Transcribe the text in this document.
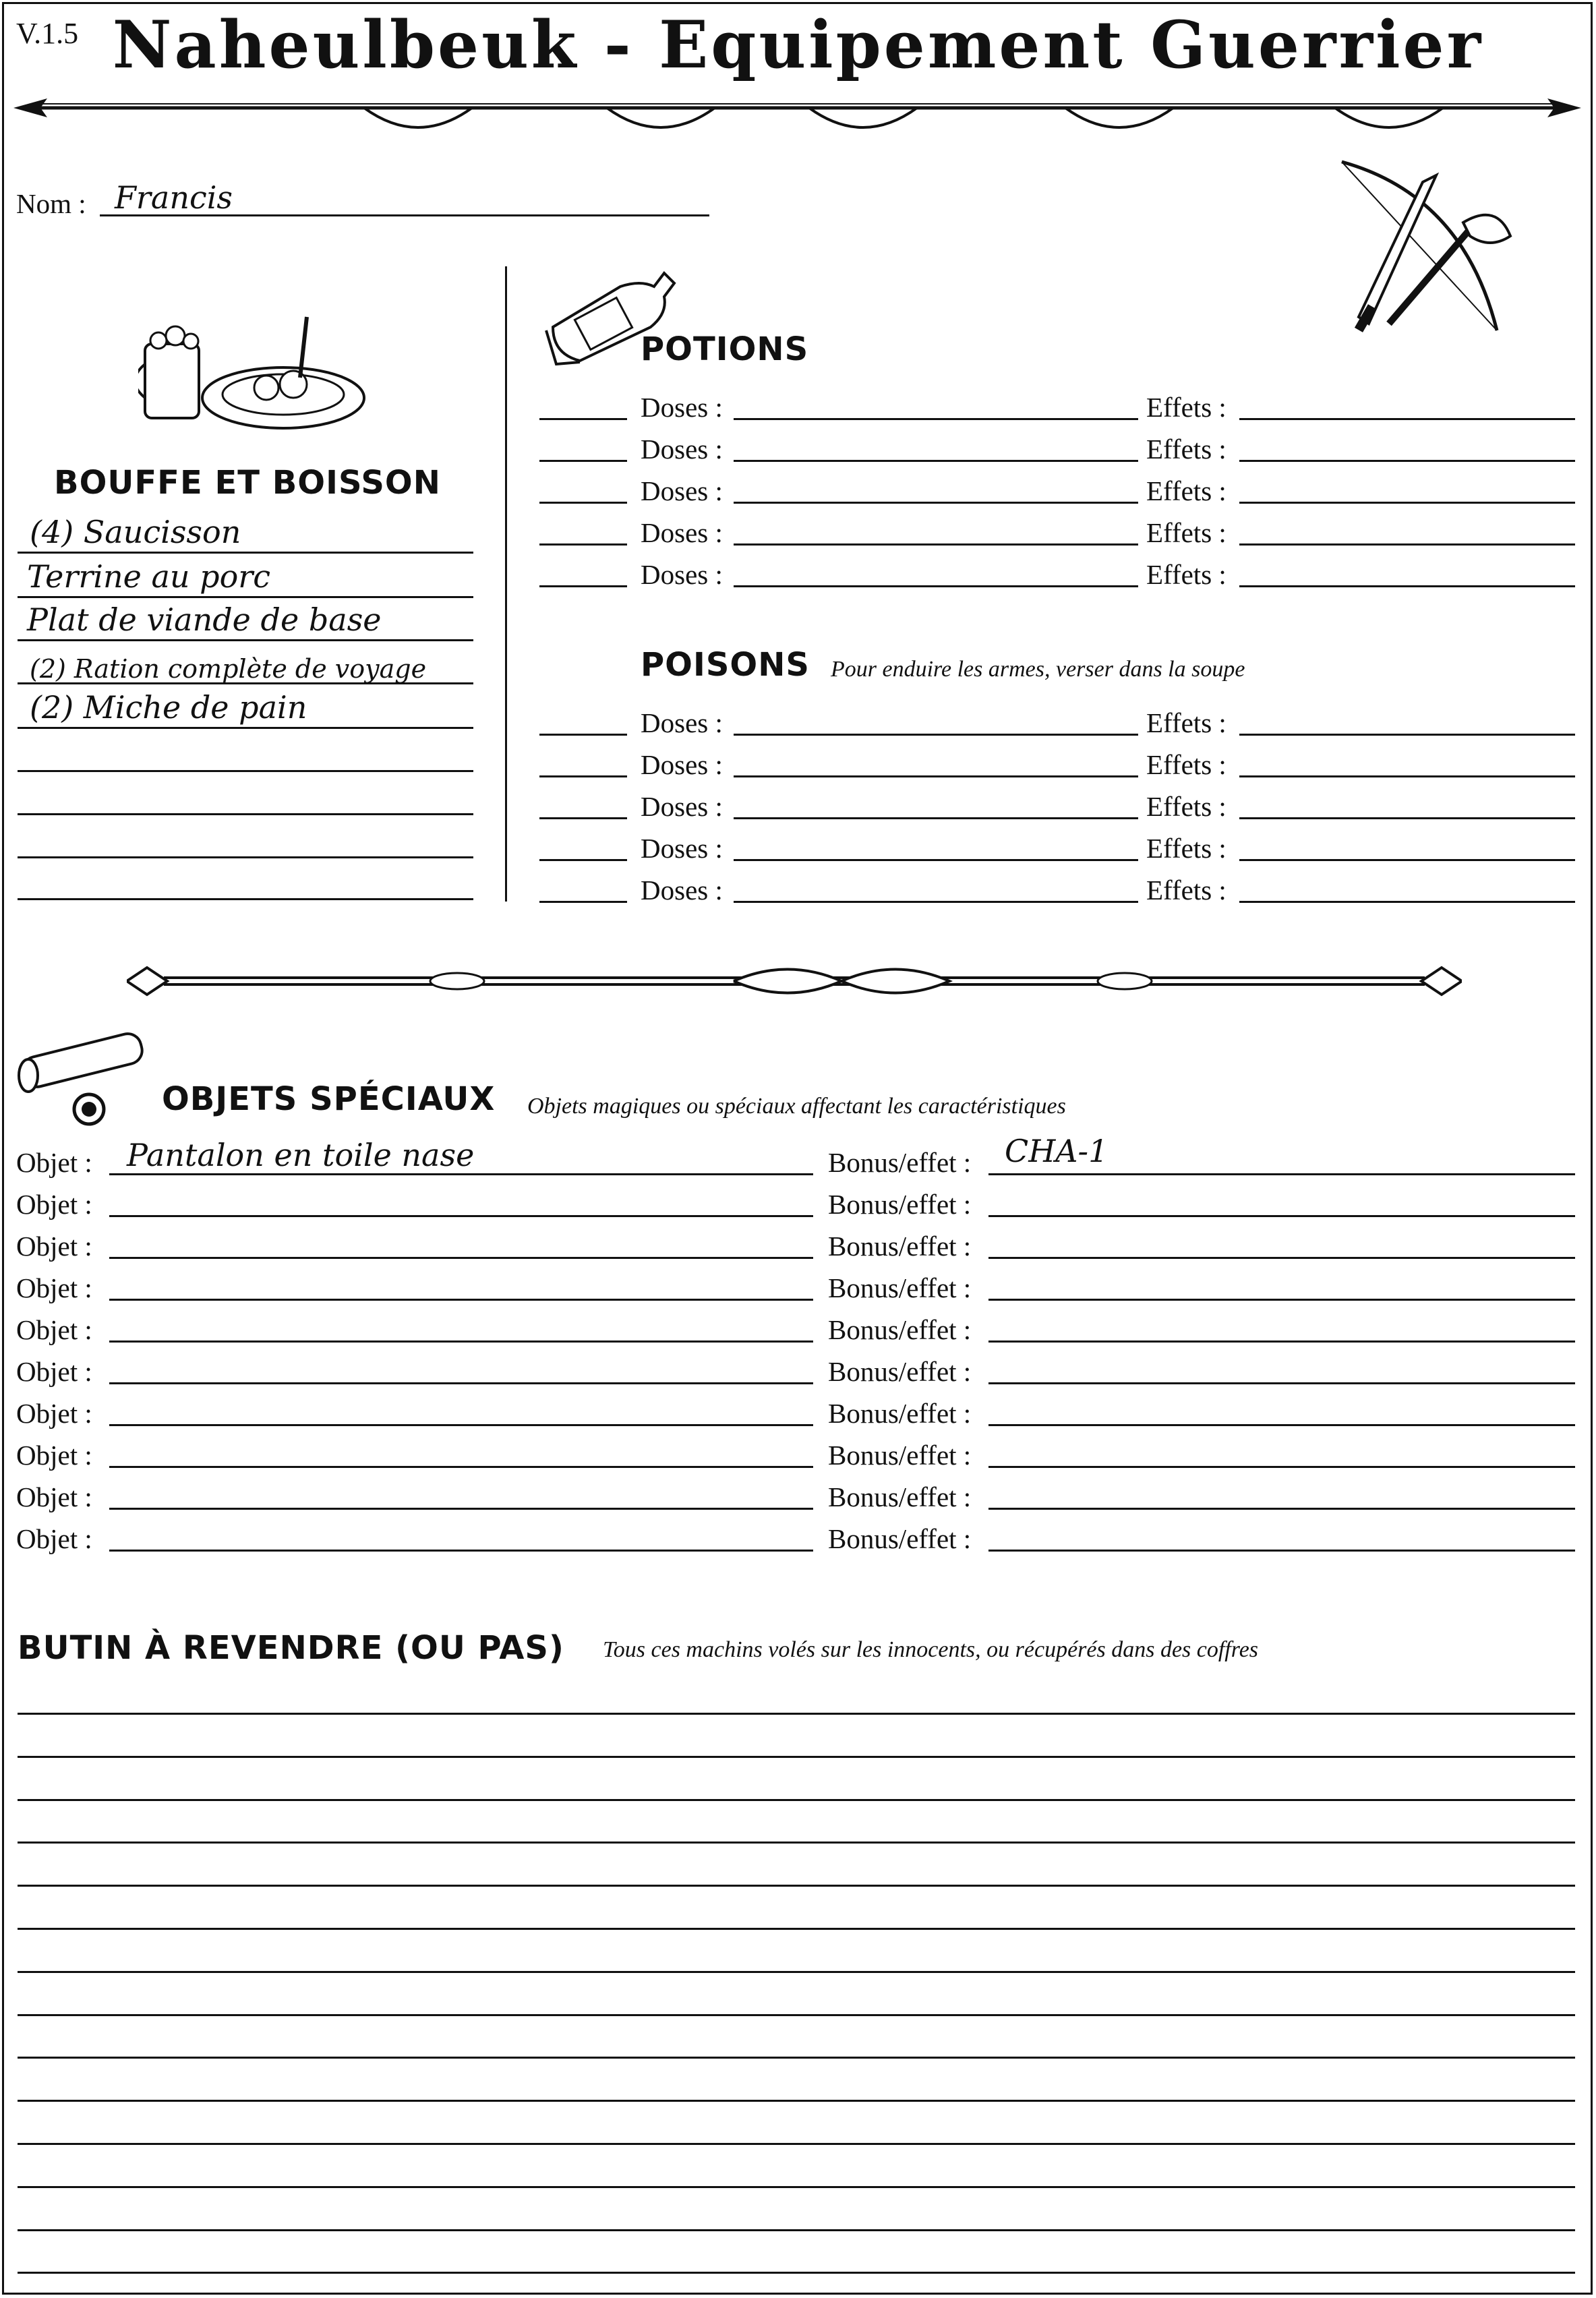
V.1.5 Naheulbeuk - Equipement Guerrier
Nom : Francis
BOUFFE ET BOISSON
(4) Saucisson
Terrine au porc
Plat de viande de base
(2) Ration complète de voyage
(2) Miche de pain
POTIONS
Doses :	Effets :
Doses :	Effets :
Doses :	Effets :
Doses :	Effets :
Doses :	Effets :
POISONS Pour enduire les armes, verser dans la soupe
Doses :	Effets :
Doses :	Effets :
Doses :	Effets :
Doses :	Effets :
Doses :	Effets :
OBJETS SPÉCIAUX Objets magiques ou spéciaux affectant les caractéristiques
Objet : Pantalon en toile nase	Bonus/effet : CHA-1
Objet :	Bonus/effet :
Objet :	Bonus/effet :
Objet :	Bonus/effet :
Objet :	Bonus/effet :
Objet :	Bonus/effet :
Objet :	Bonus/effet :
Objet :	Bonus/effet :
Objet :	Bonus/effet :
Objet :	Bonus/effet :
BUTIN À REVENDRE (OU PAS) Tous ces machins volés sur les innocents, ou récupérés dans des coffres
